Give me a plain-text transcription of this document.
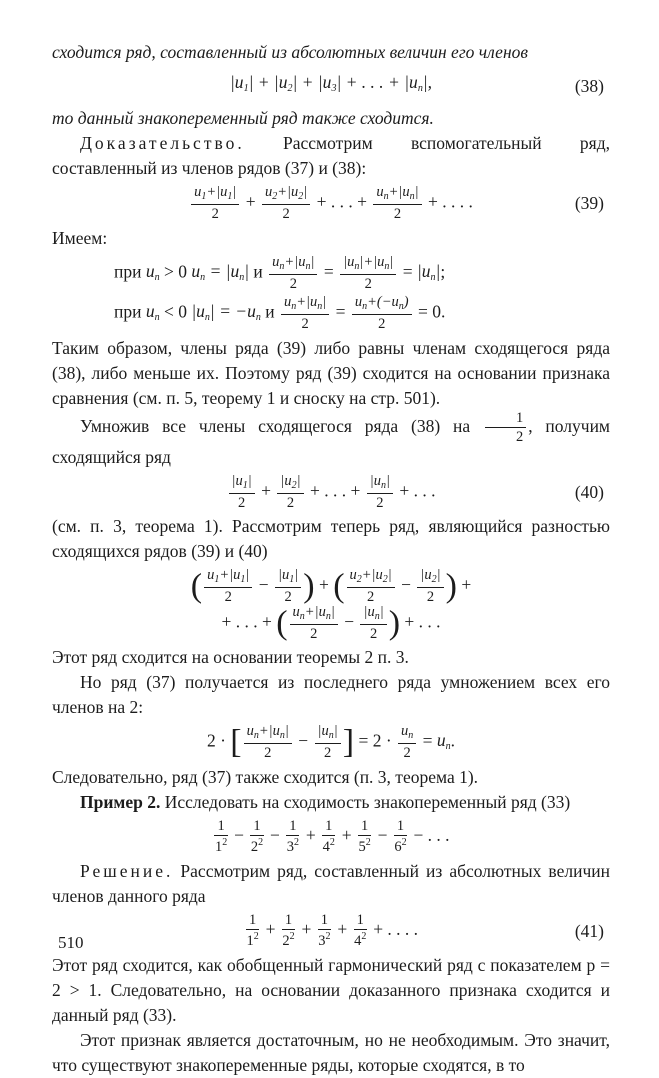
сходится ряд, составленный из абсолютных величин его членов

$|u_1| + |u_2| + |u_3|$ + . . . + $|u_n|$,	(38)

то данный знакопеременный ряд также сходится.

Доказательство. Рассмотрим вспомогательный ряд, составленный из членов рядов (37) и (38):

$\frac{u_1+|u_1|}{2} + \frac{u_2+|u_2|}{2}$ + . . . + $\frac{u_n+|u_n|}{2}$ + . . . .	(39)

Имеем:

при $u_n > 0$ $u_n = |u_n|$ и $\frac{u_n+|u_n|}{2} = \frac{|u_n|+|u_n|}{2} = |u_n|$;
при $u_n < 0$ $|u_n| = -u_n$ и $\frac{u_n+|u_n|}{2} = \frac{u_n+(-u_n)}{2} = 0$.

Таким образом, члены ряда (39) либо равны членам сходящегося ряда (38), либо меньше их. Поэтому ряд (39) сходится на основании признака сравнения (см. п. 5, теорему 1 и сноску на стр. 501).

Умножив все члены сходящегося ряда (38) на $\frac{1}{2}$ , получим сходящийся ряд

$\frac{|u_1|}{2} + \frac{|u_2|}{2}$ + . . . + $\frac{|u_n|}{2}$ + . . .	(40)

(см. п. 3, теорема 1). Рассмотрим теперь ряд, являющийся разностью сходящихся рядов (39) и (40)

( $\frac{u_1+|u_1|}{2} - \frac{|u_1|}{2}$ ) + ( $\frac{u_2+|u_2|}{2} - \frac{|u_2|}{2}$ ) +
+ . . . + ( $\frac{u_n+|u_n|}{2} - \frac{|u_n|}{2}$ ) + . . .

Этот ряд сходится на основании теоремы 2 п. 3.

Но ряд (37) получается из последнего ряда умножением всех его членов на 2:

2 · [ $\frac{u_n+|u_n|}{2} - \frac{|u_n|}{2}$ ] = $2 \cdot \frac{u_n}{2} = u_n$.

Следовательно, ряд (37) также сходится (п. 3, теорема 1).

Пример 2. Исследовать на сходимость знакопеременный ряд (33)

$\frac{1}{1^2} - \frac{1}{2^2} - \frac{1}{3^2} + \frac{1}{4^2} + \frac{1}{5^2} - \frac{1}{6^2}$ − . . .

Решение. Рассмотрим ряд, составленный из абсолютных величин членов данного ряда

$\frac{1}{1^2} + \frac{1}{2^2} + \frac{1}{3^2} + \frac{1}{4^2}$ + . . . .	(41)

Этот ряд сходится, как обобщенный гармонический ряд с показателем p = 2 > 1. Следовательно, на основании доказанного признака сходится и данный ряд (33).

Этот признак является достаточным, но не необходимым. Это значит, что существуют знакопеременные ряды, которые сходятся, в то

510
